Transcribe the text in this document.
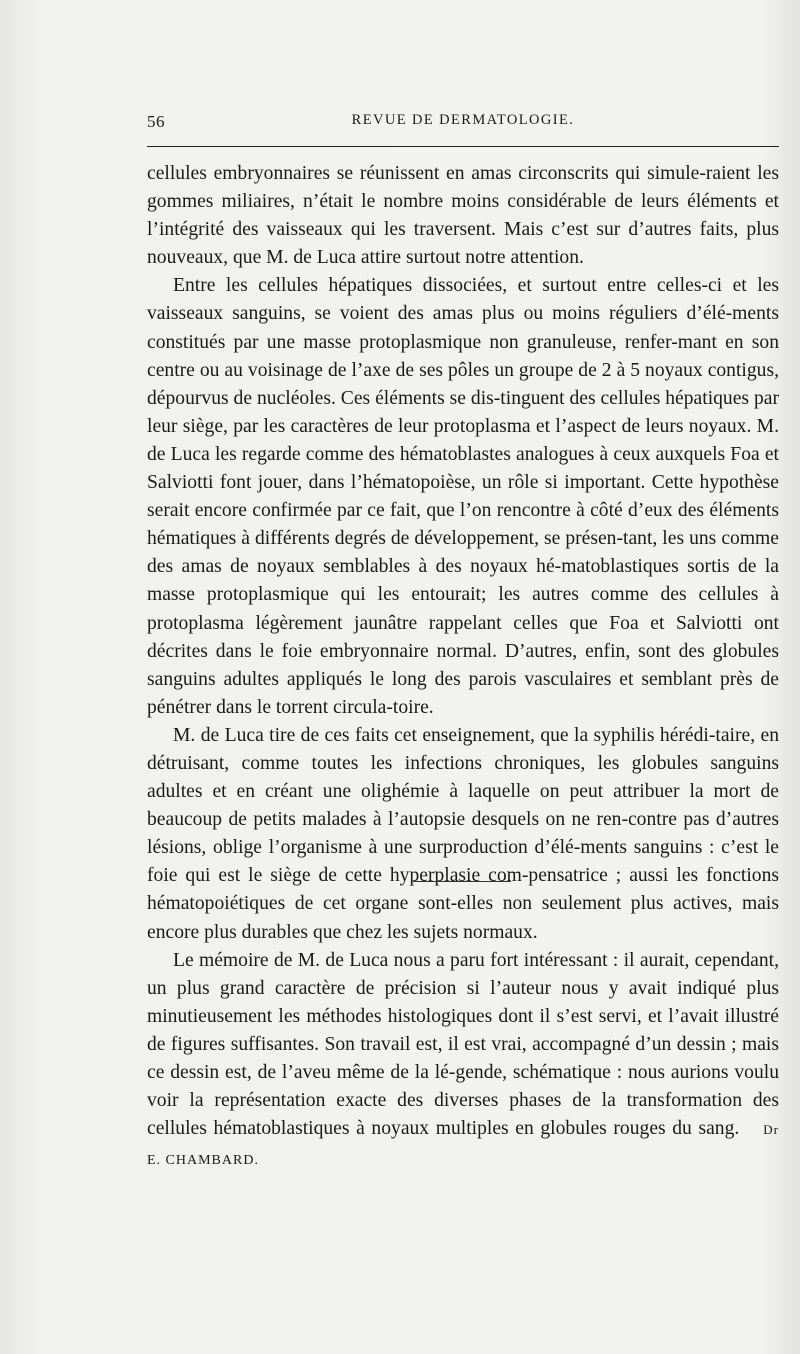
56	REVUE DE DERMATOLOGIE.

cellules embryonnaires se réunissent en amas circonscrits qui simule-raient les gommes miliaires, n’était le nombre moins considérable de leurs éléments et l’intégrité des vaisseaux qui les traversent. Mais c’est sur d’autres faits, plus nouveaux, que M. de Luca attire surtout notre attention.

Entre les cellules hépatiques dissociées, et surtout entre celles-ci et les vaisseaux sanguins, se voient des amas plus ou moins réguliers d’élé-ments constitués par une masse protoplasmique non granuleuse, renfer-mant en son centre ou au voisinage de l’axe de ses pôles un groupe de 2 à 5 noyaux contigus, dépourvus de nucléoles. Ces éléments se dis-tinguent des cellules hépatiques par leur siège, par les caractères de leur protoplasma et l’aspect de leurs noyaux. M. de Luca les regarde comme des hématoblastes analogues à ceux auxquels Foa et Salviotti font jouer, dans l’hématopoièse, un rôle si important. Cette hypothèse serait encore confirmée par ce fait, que l’on rencontre à côté d’eux des éléments hématiques à différents degrés de développement, se présen-tant, les uns comme des amas de noyaux semblables à des noyaux hé-matoblastiques sortis de la masse protoplasmique qui les entourait; les autres comme des cellules à protoplasma légèrement jaunâtre rappelant celles que Foa et Salviotti ont décrites dans le foie embryonnaire normal. D’autres, enfin, sont des globules sanguins adultes appliqués le long des parois vasculaires et semblant près de pénétrer dans le torrent circula-toire.

M. de Luca tire de ces faits cet enseignement, que la syphilis hérédi-taire, en détruisant, comme toutes les infections chroniques, les globules sanguins adultes et en créant une olighémie à laquelle on peut attribuer la mort de beaucoup de petits malades à l’autopsie desquels on ne ren-contre pas d’autres lésions, oblige l’organisme à une surproduction d’élé-ments sanguins : c’est le foie qui est le siège de cette hyperplasie com-pensatrice ; aussi les fonctions hématopoiétiques de cet organe sont-elles non seulement plus actives, mais encore plus durables que chez les sujets normaux.

Le mémoire de M. de Luca nous a paru fort intéressant : il aurait, cependant, un plus grand caractère de précision si l’auteur nous y avait indiqué plus minutieusement les méthodes histologiques dont il s’est servi, et l’avait illustré de figures suffisantes. Son travail est, il est vrai, accompagné d’un dessin ; mais ce dessin est, de l’aveu même de la lé-gende, schématique : nous aurions voulu voir la représentation exacte des diverses phases de la transformation des cellules hématoblastiques à noyaux multiples en globules rouges du sang. Dr E. CHAMBARD.
